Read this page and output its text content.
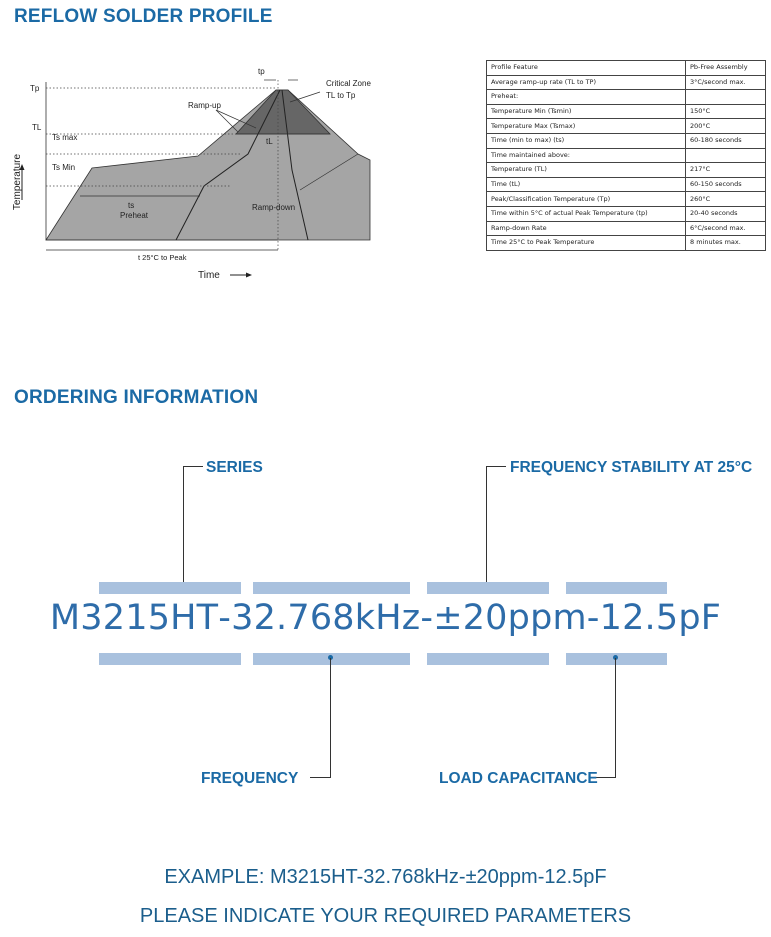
REFLOW SOLDER PROFILE
Temperature
Time
Tp
TL
Ts max
Ts Min
tp
Critical Zone
TL to Tp
Ramp-up
Ramp-down
tL
ts
Preheat
t 25°C to Peak
Profile Feature	Pb-Free Assembly
Average ramp-up rate (TL to TP)	3°C/second max.
Preheat:	
Temperature Min (Tsmin)	150°C
Temperature Max (Tsmax)	200°C
Time (min to max) (ts)	60-180 seconds
Time maintained above:	
Temperature (TL)	217°C
Time (tL)	60-150 seconds
Peak/Classification Temperature (Tp)	260°C
Time within 5°C of actual Peak Temperature (tp)	20-40 seconds
Ramp-down Rate	6°C/second max.
Time 25°C to Peak Temperature	8 minutes max.
ORDERING INFORMATION
SERIES	FREQUENCY STABILITY AT 25°C
M3215HT-32.768kHz-±20ppm-12.5pF
FREQUENCY	LOAD CAPACITANCE
EXAMPLE: M3215HT-32.768kHz-±20ppm-12.5pF
PLEASE INDICATE YOUR REQUIRED PARAMETERS
